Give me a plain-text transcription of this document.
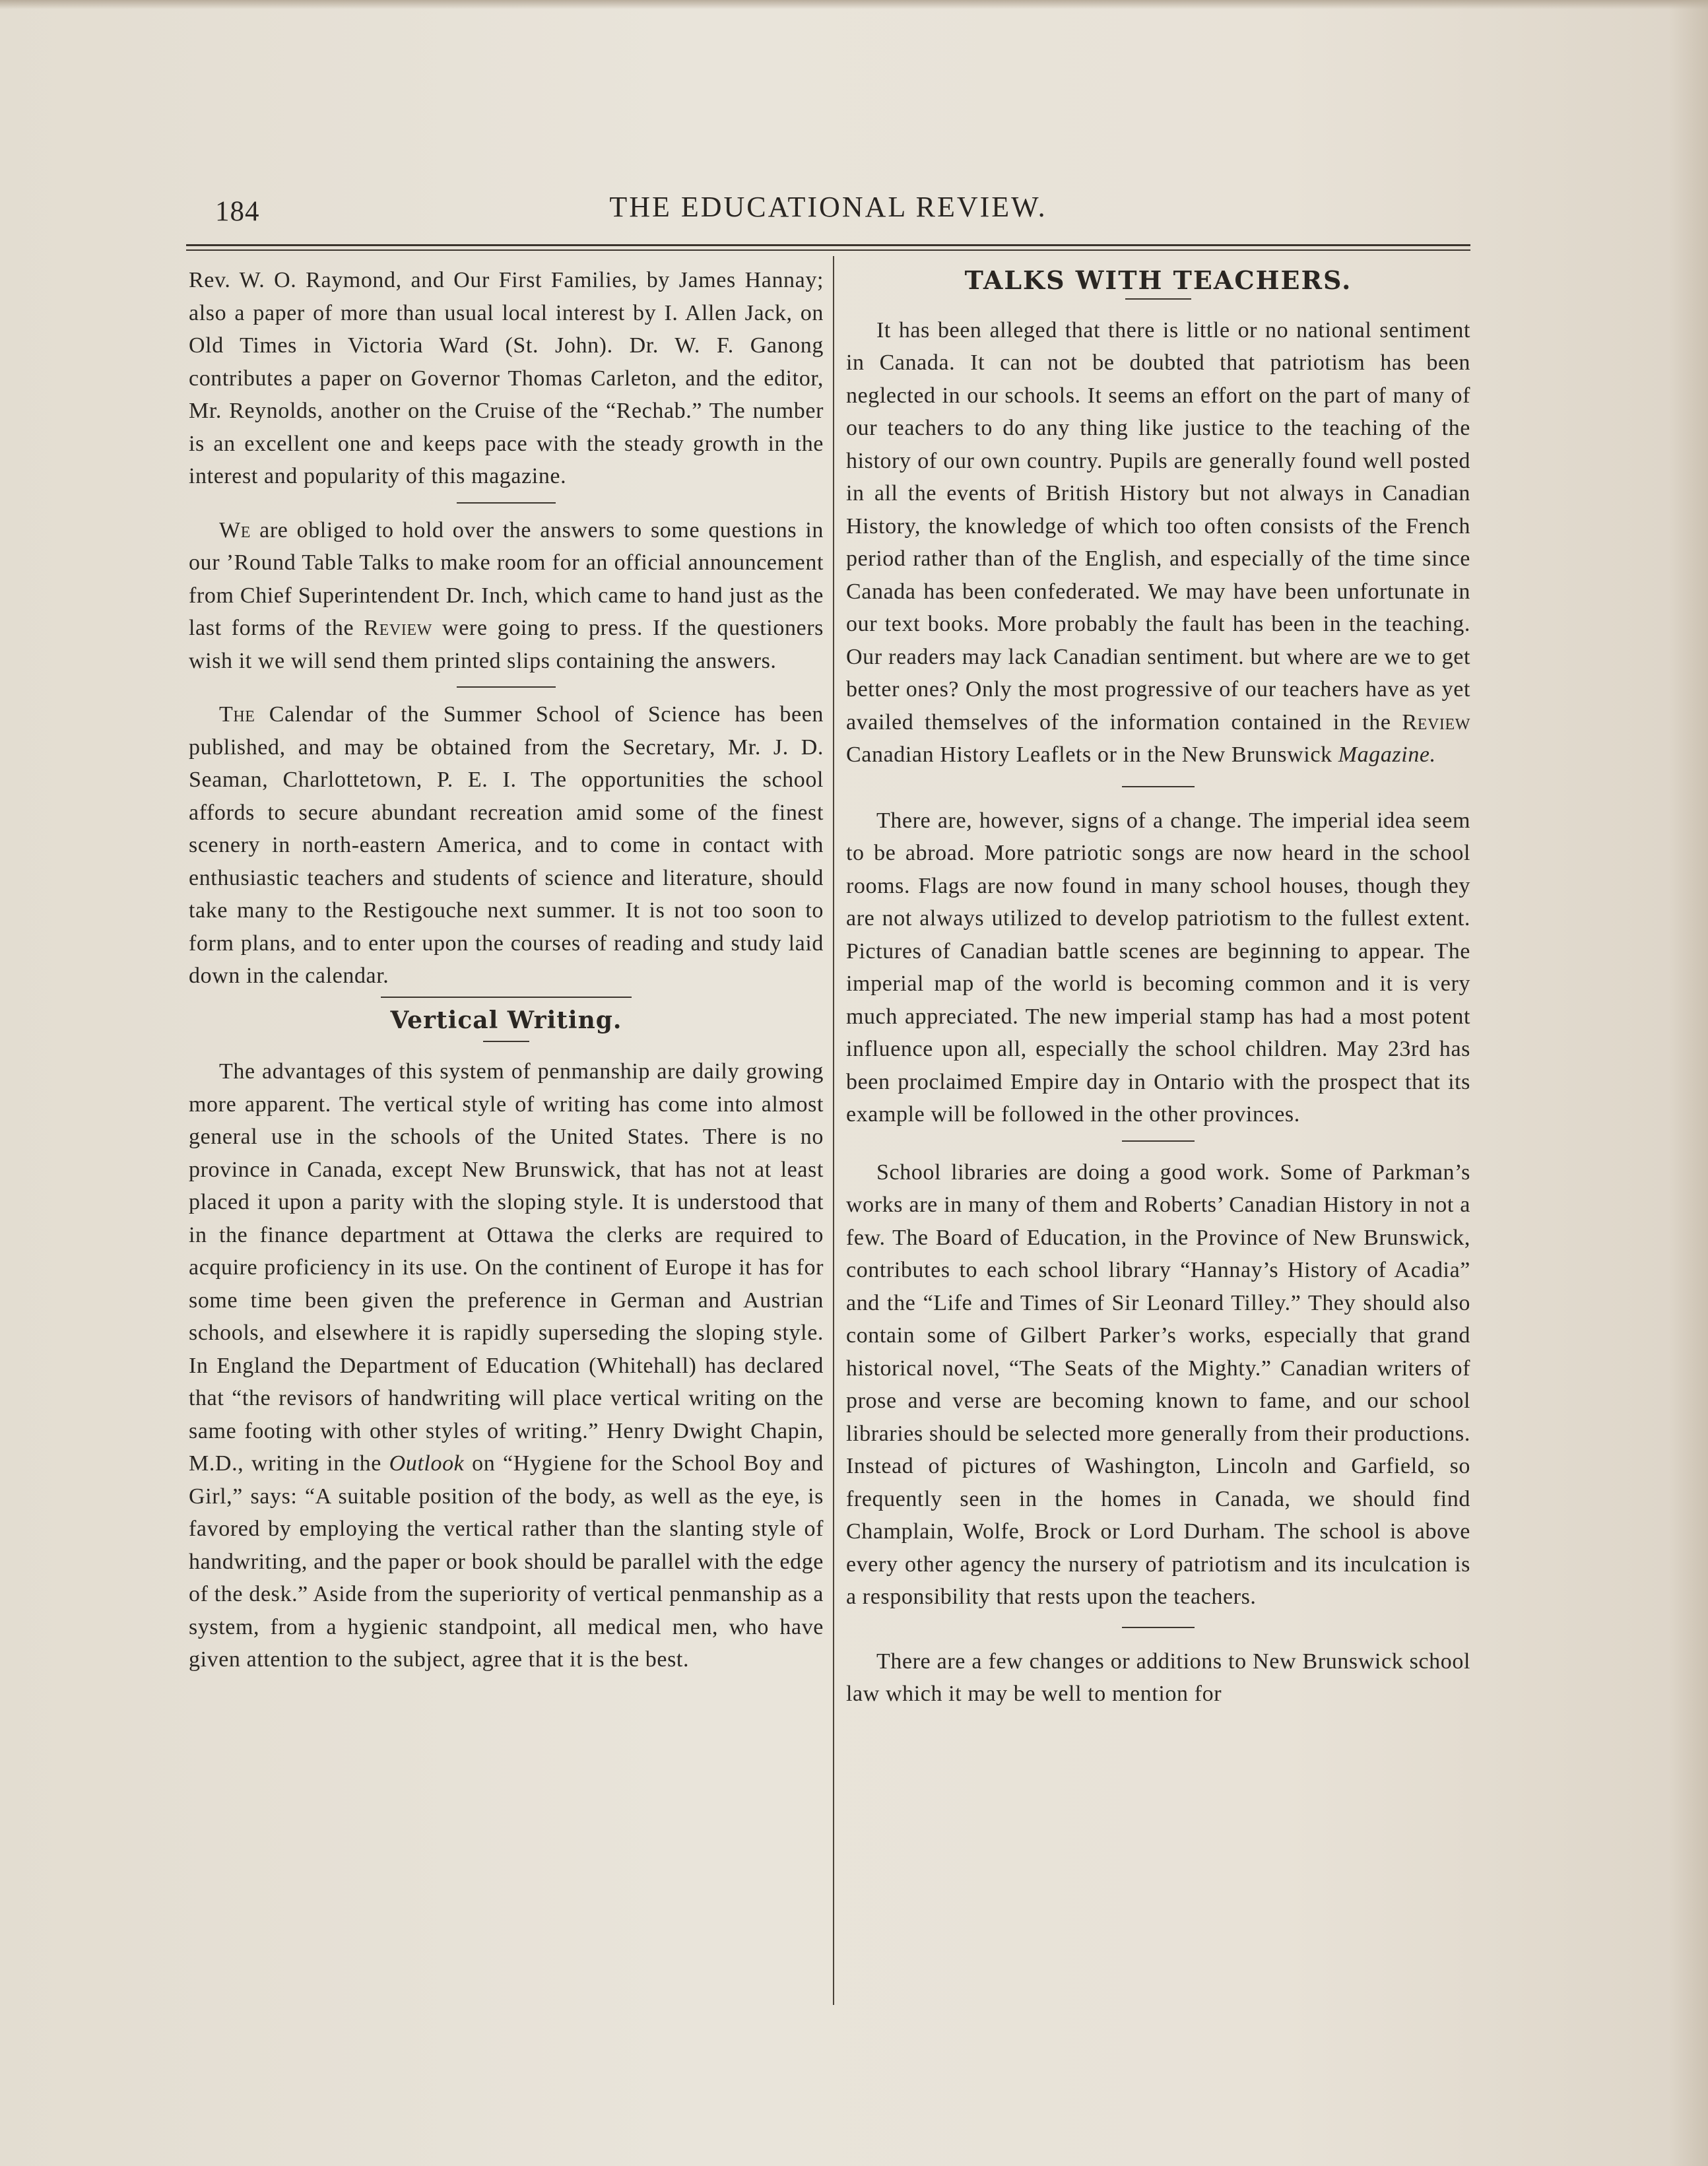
184	THE EDUCATIONAL REVIEW.

Rev. W. O. Raymond, and Our First Families, by James Hannay; also a paper of more than usual local interest by I. Allen Jack, on Old Times in Victoria Ward (St. John). Dr. W. F. Ganong contributes a paper on Governor Thomas Carleton, and the editor, Mr. Reynolds, another on the Cruise of the “Rechab.” The number is an excellent one and keeps pace with the steady growth in the interest and popularity of this magazine.

We are obliged to hold over the answers to some questions in our ’Round Table Talks to make room for an official announcement from Chief Superintendent Dr. Inch, which came to hand just as the last forms of the Review were going to press. If the questioners wish it we will send them printed slips containing the answers.

The Calendar of the Summer School of Science has been published, and may be obtained from the Secretary, Mr. J. D. Seaman, Charlottetown, P. E. I. The opportunities the school affords to secure abundant recreation amid some of the finest scenery in north-eastern America, and to come in contact with enthusiastic teachers and students of science and literature, should take many to the Restigouche next summer. It is not too soon to form plans, and to enter upon the courses of reading and study laid down in the calendar.

Vertical Writing.

The advantages of this system of penmanship are daily growing more apparent. The vertical style of writing has come into almost general use in the schools of the United States. There is no province in Canada, except New Brunswick, that has not at least placed it upon a parity with the sloping style. It is understood that in the finance department at Ottawa the clerks are required to acquire proficiency in its use. On the continent of Europe it has for some time been given the preference in German and Austrian schools, and elsewhere it is rapidly superseding the sloping style. In England the Department of Education (Whitehall) has declared that “the revisors of handwriting will place vertical writing on the same footing with other styles of writing.” Henry Dwight Chapin, M.D., writing in the Outlook on “Hygiene for the School Boy and Girl,” says: “A suitable position of the body, as well as the eye, is favored by employing the vertical rather than the slanting style of handwriting, and the paper or book should be parallel with the edge of the desk.” Aside from the superiority of vertical penmanship as a system, from a hygienic standpoint, all medical men, who have given attention to the subject, agree that it is the best.

TALKS WITH TEACHERS.

It has been alleged that there is little or no national sentiment in Canada. It can not be doubted that patriotism has been neglected in our schools. It seems an effort on the part of many of our teachers to do any thing like justice to the teaching of the history of our own country. Pupils are generally found well posted in all the events of British History but not always in Canadian History, the knowledge of which too often consists of the French period rather than of the English, and especially of the time since Canada has been confederated. We may have been unfortunate in our text books. More probably the fault has been in the teaching. Our readers may lack Canadian sentiment. but where are we to get better ones? Only the most progressive of our teachers have as yet availed themselves of the information contained in the Review Canadian History Leaflets or in the New Brunswick Magazine.

There are, however, signs of a change. The imperial idea seem to be abroad. More patriotic songs are now heard in the school rooms. Flags are now found in many school houses, though they are not always utilized to develop patriotism to the fullest extent. Pictures of Canadian battle scenes are beginning to appear. The imperial map of the world is becoming common and it is very much appreciated. The new imperial stamp has had a most potent influence upon all, especially the school children. May 23rd has been proclaimed Empire day in Ontario with the prospect that its example will be followed in the other provinces.

School libraries are doing a good work. Some of Parkman’s works are in many of them and Roberts’ Canadian History in not a few. The Board of Education, in the Province of New Brunswick, contributes to each school library “Hannay’s History of Acadia” and the “Life and Times of Sir Leonard Tilley.” They should also contain some of Gilbert Parker’s works, especially that grand historical novel, “The Seats of the Mighty.” Canadian writers of prose and verse are becoming known to fame, and our school libraries should be selected more generally from their productions. Instead of pictures of Washington, Lincoln and Garfield, so frequently seen in the homes in Canada, we should find Champlain, Wolfe, Brock or Lord Durham. The school is above every other agency the nursery of patriotism and its inculcation is a responsibility that rests upon the teachers.

There are a few changes or additions to New Brunswick school law which it may be well to mention for
